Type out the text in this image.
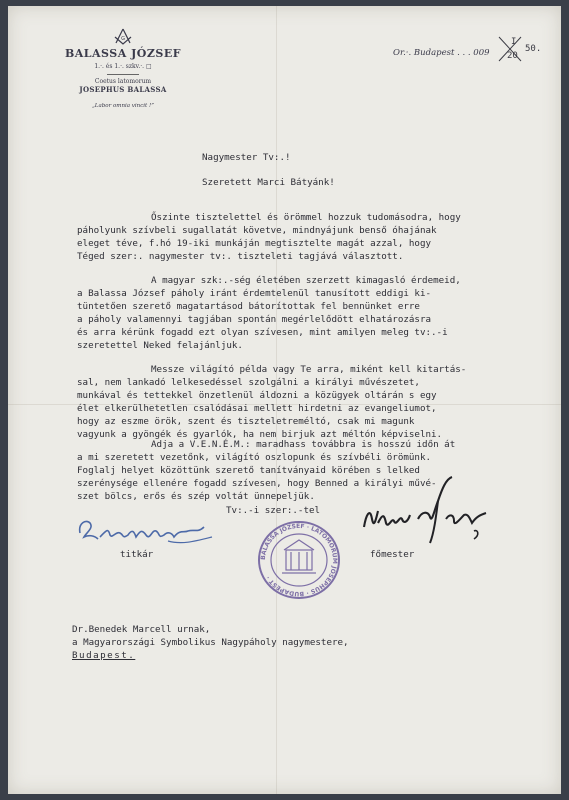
G
BALASSA JÓZSEF
1.·. és 1.·. szkv.·. □
Coetus latomorum
JOSEPHUS BALASSA
„Labor omnia vincit !”
Or.·. Budapest . . . 009
I
20
50.
Nagymester Tv:.!
Szeretett Marci Bátyánk!
Őszinte tisztelettel és örömmel hozzuk tudomásodra, hogy
páholyunk szívbeli sugallatát követve, mindnyájunk benső óhajának
eleget téve, f.hó 19-iki munkáján megtisztelte magát azzal, hogy
Téged szer:. nagymester tv:. tiszteleti tagjává választott.
A magyar szk:.-ség életében szerzett kimagasló érdemeid,
a Balassa József páholy iránt érdemtelenül tanusított eddigi ki-
tüntetően szerető magatartásod bátorítottak fel bennünket erre
a páholy valamennyi tagjában spontán megérlelődött elhatározásra
és arra kérünk fogadd ezt olyan szívesen, mint amilyen meleg tv:.-i
szeretettel Neked felajánljuk.
Messze világító példa vagy Te arra, miként kell kitartás-
sal, nem lankadó lelkesedéssel szolgálni a királyi művészetet,
munkával és tettekkel önzetlenül áldozni a közügyek oltárán s egy
élet elkerülhetetlen csalódásai mellett hirdetni az evangeliumot,
hogy az eszme örök, szent és tiszteletreméltó, csak mi magunk
vagyunk a gyöngék és gyarlók, ha nem birjuk azt méltón képviselni.
Adja a V.E.N.É.M.: maradhass továbbra is hosszú időn át
a mi szeretett vezetőnk, világító oszlopunk és szívbéli örömünk.
Foglalj helyet közöttünk szerető tanítványaid körében s lelked
szerénysége ellenére fogadd szívesen, hogy Benned a királyi művé-
szet bölcs, erős és szép voltát ünnepeljük.
Tv:.-i szer:.-tel
titkár	BALASSA JÓZSEF · LATOMORUM JOSEPHUS · BUDAPEST ·
főmester
Dr.Benedek Marcell urnak,
a Magyarországi Symbolikus Nagypáholy nagymestere,
Budapest.
